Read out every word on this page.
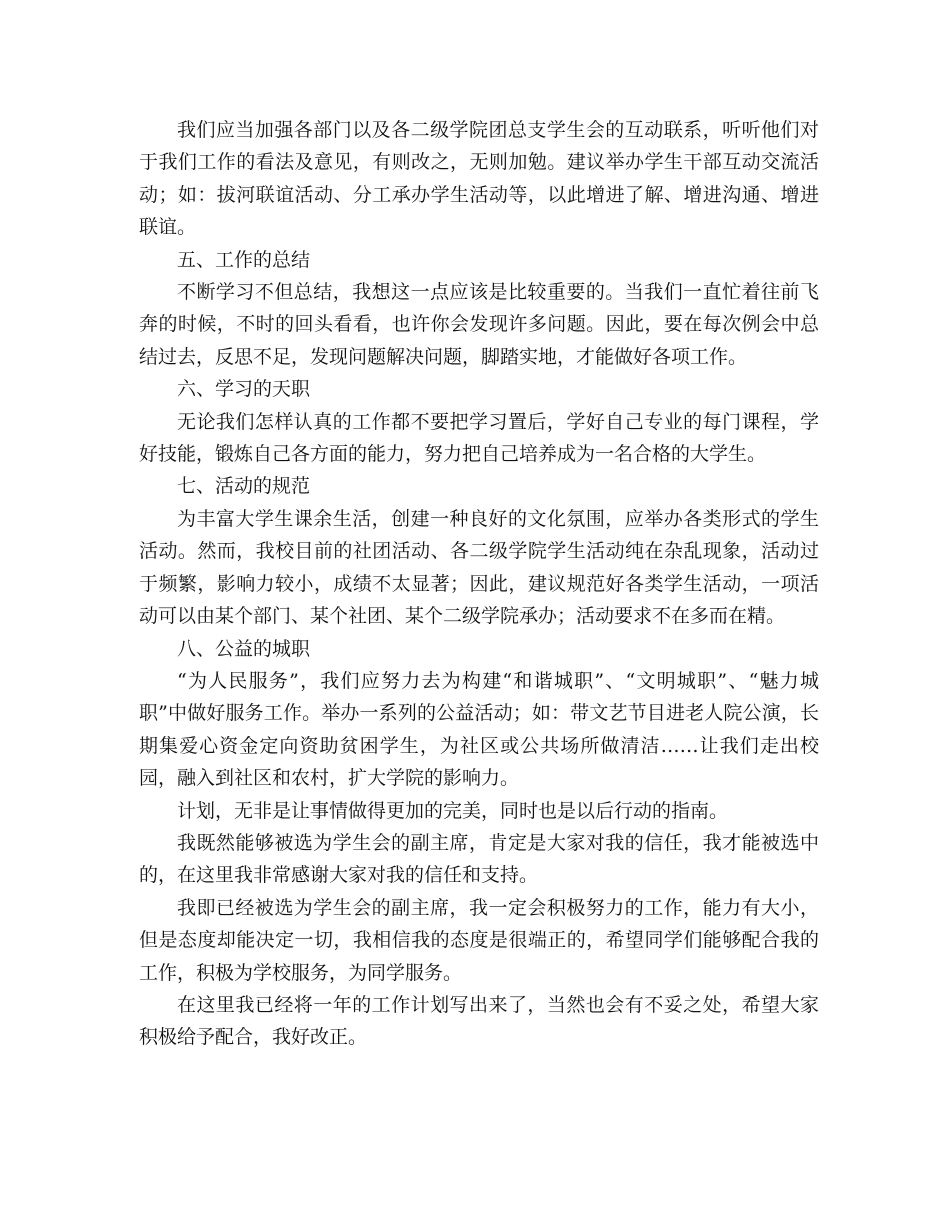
我们应当加强各部门以及各二级学院团总支学生会的互动联系，听听他们对于我们工作的看法及意见，有则改之，无则加勉。建议举办学生干部互动交流活动；如：拔河联谊活动、分工承办学生活动等，以此增进了解、增进沟通、增进联谊。

五、工作的总结

不断学习不但总结，我想这一点应该是比较重要的。当我们一直忙着往前飞奔的时候，不时的回头看看，也许你会发现许多问题。因此，要在每次例会中总结过去，反思不足，发现问题解决问题，脚踏实地，才能做好各项工作。

六、学习的天职

无论我们怎样认真的工作都不要把学习置后，学好自己专业的每门课程，学好技能，锻炼自己各方面的能力，努力把自己培养成为一名合格的大学生。

七、活动的规范

为丰富大学生课余生活，创建一种良好的文化氛围，应举办各类形式的学生活动。然而，我校目前的社团活动、各二级学院学生活动纯在杂乱现象，活动过于频繁，影响力较小，成绩不太显著；因此，建议规范好各类学生活动，一项活动可以由某个部门、某个社团、某个二级学院承办；活动要求不在多而在精。

八、公益的城职

“为人民服务”，我们应努力去为构建“和谐城职”、“文明城职”、“魅力城职”中做好服务工作。举办一系列的公益活动；如：带文艺节目进老人院公演，长期集爱心资金定向资助贫困学生，为社区或公共场所做清洁……让我们走出校园，融入到社区和农村，扩大学院的影响力。

计划，无非是让事情做得更加的完美，同时也是以后行动的指南。

我既然能够被选为学生会的副主席，肯定是大家对我的信任，我才能被选中的，在这里我非常感谢大家对我的信任和支持。

我即已经被选为学生会的副主席，我一定会积极努力的工作，能力有大小，但是态度却能决定一切，我相信我的态度是很端正的，希望同学们能够配合我的工作，积极为学校服务，为同学服务。

在这里我已经将一年的工作计划写出来了，当然也会有不妥之处，希望大家积极给予配合，我好改正。
